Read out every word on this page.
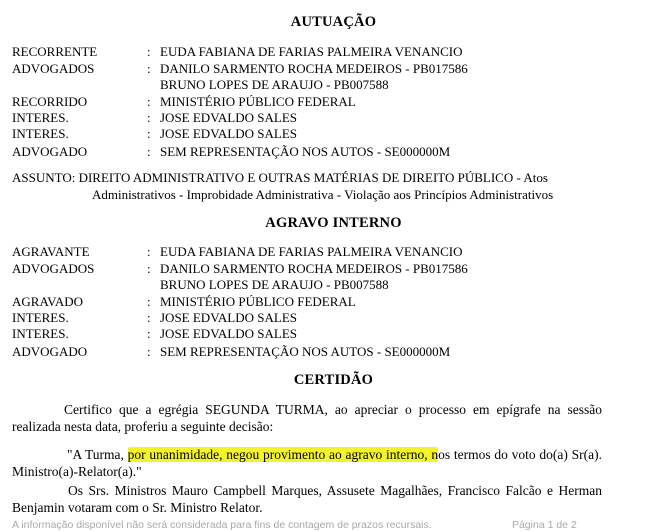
AUTUAÇÃO
RECORRENTE	: EUDA FABIANA DE FARIAS PALMEIRA VENANCIO
ADVOGADOS	: DANILO SARMENTO ROCHA MEDEIROS - PB017586
BRUNO LOPES DE ARAUJO - PB007588
RECORRIDO	: MINISTÉRIO PÚBLICO FEDERAL
INTERES.	: JOSE EDVALDO SALES
INTERES.	: JOSE EDVALDO SALES
ADVOGADO	: SEM REPRESENTAÇÃO NOS AUTOS - SE000000M
ASSUNTO: DIREITO ADMINISTRATIVO E OUTRAS MATÉRIAS DE DIREITO PÚBLICO - Atos
Administrativos - Improbidade Administrativa - Violação aos Princípios Administrativos
AGRAVO INTERNO
AGRAVANTE	: EUDA FABIANA DE FARIAS PALMEIRA VENANCIO
ADVOGADOS	: DANILO SARMENTO ROCHA MEDEIROS - PB017586
BRUNO LOPES DE ARAUJO - PB007588
AGRAVADO	: MINISTÉRIO PÚBLICO FEDERAL
INTERES.	: JOSE EDVALDO SALES
INTERES.	: JOSE EDVALDO SALES
ADVOGADO	: SEM REPRESENTAÇÃO NOS AUTOS - SE000000M
CERTIDÃO
Certifico que a egrégia SEGUNDA TURMA, ao apreciar o processo em epígrafe na sessão realizada nesta data, proferiu a seguinte decisão:
"A Turma, por unanimidade, negou provimento ao agravo interno, nos termos do voto do(a) Sr(a). Ministro(a)-Relator(a)."
Os Srs. Ministros Mauro Campbell Marques, Assusete Magalhães, Francisco Falcão e Herman Benjamin votaram com o Sr. Ministro Relator.
A informação disponível não será considerada para fins de contagem de prazos recursais.	Página 1 de 2
